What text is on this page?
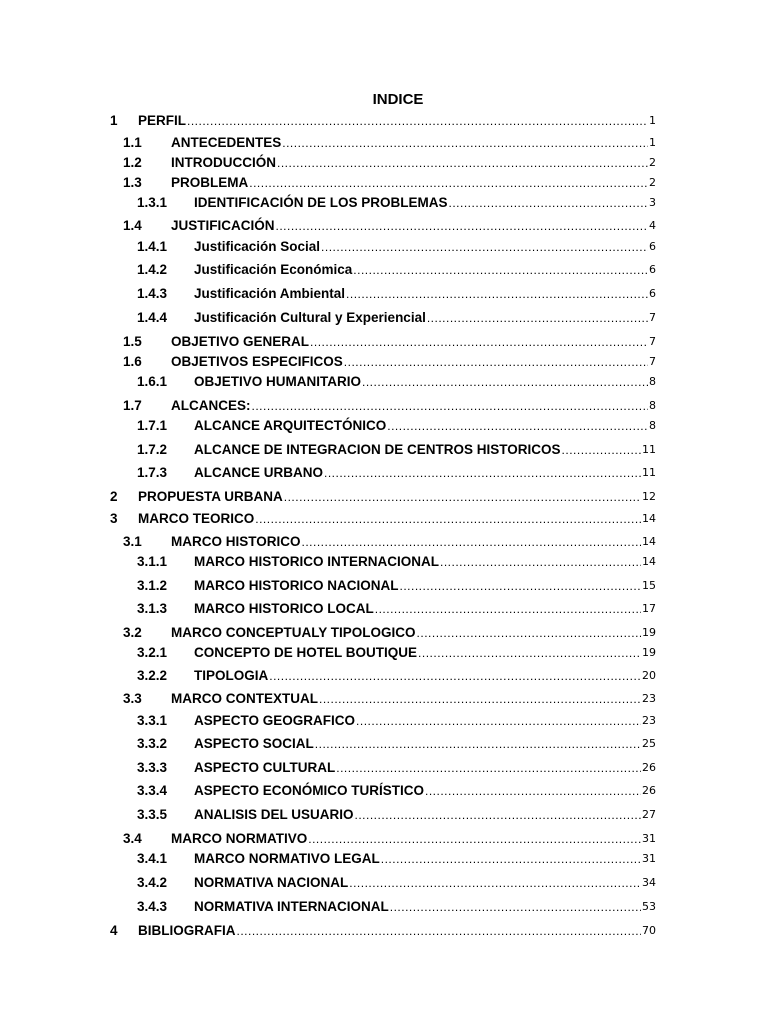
INDICE
1	PERFIL .....	1
1.1	ANTECEDENTES .....	1
1.2	INTRODUCCIÓN .....	2
1.3	PROBLEMA .....	2
1.3.1	IDENTIFICACIÓN DE LOS PROBLEMAS .....	3
1.4	JUSTIFICACIÓN .....	4
1.4.1	Justificación Social .....	6
1.4.2	Justificación Económica .....	6
1.4.3	Justificación Ambiental .....	6
1.4.4	Justificación Cultural y Experiencial .....	7
1.5	OBJETIVO GENERAL .....	7
1.6	OBJETIVOS ESPECIFICOS .....	7
1.6.1	OBJETIVO HUMANITARIO .....	8
1.7	ALCANCES: .....	8
1.7.1	ALCANCE ARQUITECTÓNICO .....	8
1.7.2	ALCANCE DE INTEGRACION DE CENTROS HISTORICOS .....	11
1.7.3	ALCANCE URBANO .....	11
2	PROPUESTA URBANA .....	12
3	MARCO TEORICO .....	14
3.1	MARCO HISTORICO .....	14
3.1.1	MARCO HISTORICO INTERNACIONAL .....	14
3.1.2	MARCO HISTORICO NACIONAL .....	15
3.1.3	MARCO HISTORICO LOCAL .....	17
3.2	MARCO CONCEPTUALY TIPOLOGICO .....	19
3.2.1	CONCEPTO DE HOTEL BOUTIQUE .....	19
3.2.2	TIPOLOGIA .....	20
3.3	MARCO CONTEXTUAL .....	23
3.3.1	ASPECTO GEOGRAFICO .....	23
3.3.2	ASPECTO SOCIAL .....	25
3.3.3	ASPECTO CULTURAL .....	26
3.3.4	ASPECTO ECONÓMICO TURÍSTICO .....	26
3.3.5	ANALISIS DEL USUARIO .....	27
3.4	MARCO NORMATIVO .....	31
3.4.1	MARCO NORMATIVO LEGAL .....	31
3.4.2	NORMATIVA NACIONAL .....	34
3.4.3	NORMATIVA INTERNACIONAL .....	53
4	BIBLIOGRAFIA .....	70
